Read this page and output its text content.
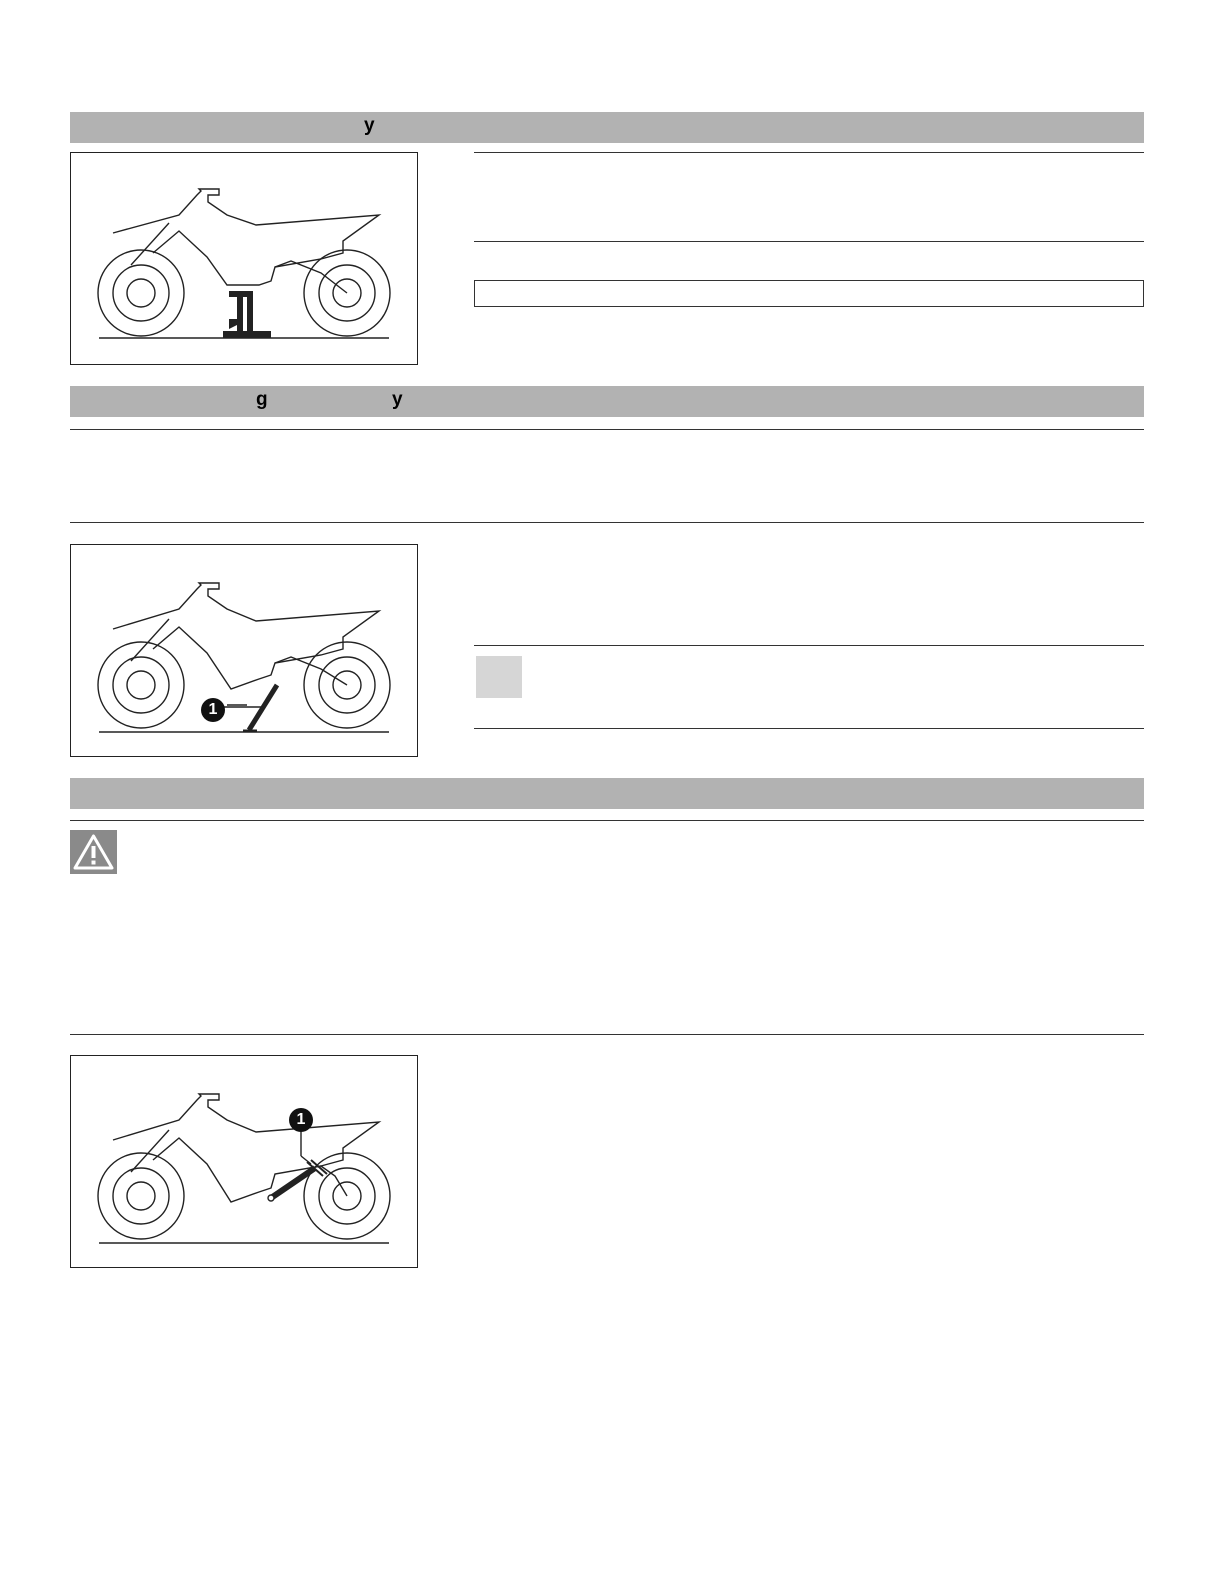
y
g	y
1
1
